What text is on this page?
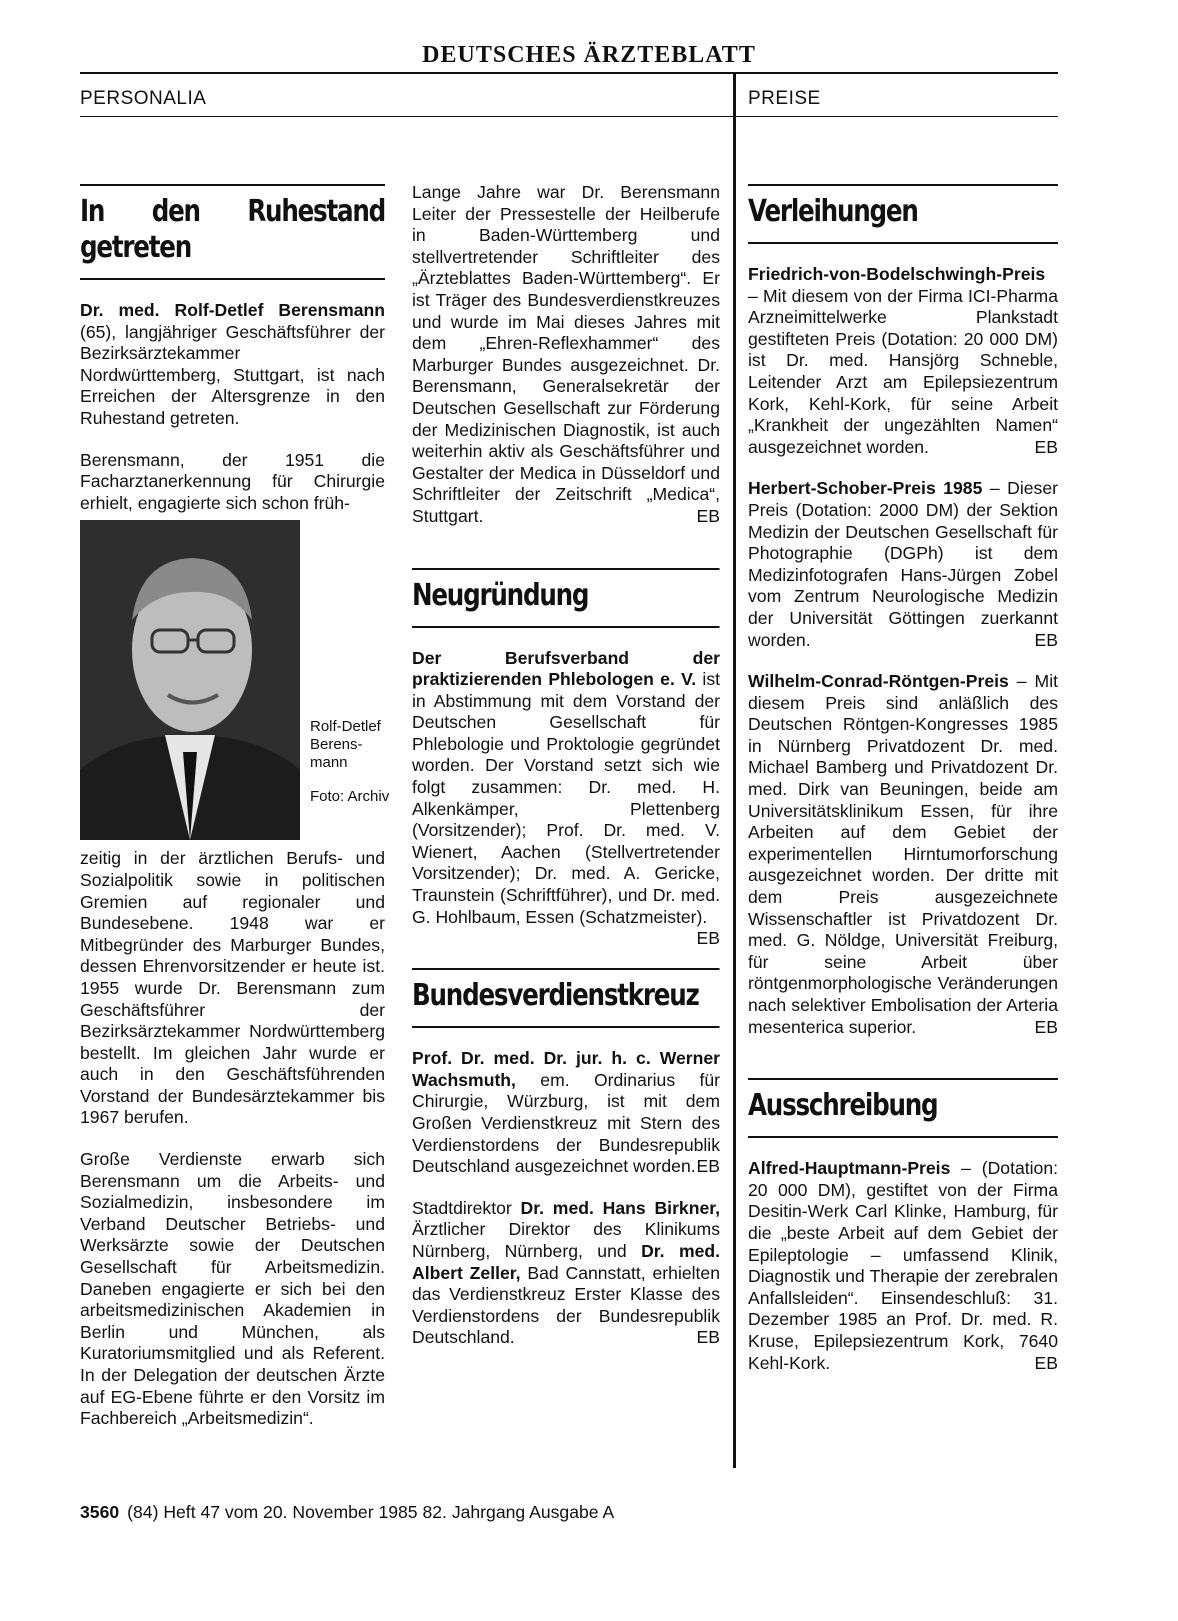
DEUTSCHES ÄRZTEBLATT
PERSONALIA	PREISE
In den Ruhestand getreten

Dr. med. Rolf-Detlef Berensmann (65), langjähriger Geschäftsführer der Bezirksärztekammer Nordwürttemberg, Stuttgart, ist nach Erreichen der Altersgrenze in den Ruhestand getreten.

Berensmann, der 1951 die Facharztanerkennung für Chirurgie erhielt, engagierte sich schon früh-

Rolf-Detlef Berens-mann
Foto: Archiv

zeitig in der ärztlichen Berufs- und Sozialpolitik sowie in politischen Gremien auf regionaler und Bundesebene. 1948 war er Mitbegründer des Marburger Bundes, dessen Ehrenvorsitzender er heute ist. 1955 wurde Dr. Berensmann zum Geschäftsführer der Bezirksärztekammer Nordwürttemberg bestellt. Im gleichen Jahr wurde er auch in den Geschäftsführenden Vorstand der Bundesärztekammer bis 1967 berufen.

Große Verdienste erwarb sich Berensmann um die Arbeits- und Sozialmedizin, insbesondere im Verband Deutscher Betriebs- und Werksärzte sowie der Deutschen Gesellschaft für Arbeitsmedizin. Daneben engagierte er sich bei den arbeitsmedizinischen Akademien in Berlin und München, als Kuratoriumsmitglied und als Referent. In der Delegation der deutschen Ärzte auf EG-Ebene führte er den Vorsitz im Fachbereich „Arbeitsmedizin“.

Lange Jahre war Dr. Berensmann Leiter der Pressestelle der Heilberufe in Baden-Württemberg und stellvertretender Schriftleiter des „Ärzteblattes Baden-Württemberg“. Er ist Träger des Bundesverdienstkreuzes und wurde im Mai dieses Jahres mit dem „Ehren-Reflexhammer“ des Marburger Bundes ausgezeichnet. Dr. Berensmann, Generalsekretär der Deutschen Gesellschaft zur Förderung der Medizinischen Diagnostik, ist auch weiterhin aktiv als Geschäftsführer und Gestalter der Medica in Düsseldorf und Schriftleiter der Zeitschrift „Medica“, Stuttgart.	EB

Neugründung

Der Berufsverband der praktizierenden Phlebologen e. V. ist in Abstimmung mit dem Vorstand der Deutschen Gesellschaft für Phlebologie und Proktologie gegründet worden. Der Vorstand setzt sich wie folgt zusammen: Dr. med. H. Alkenkämper, Plettenberg (Vorsitzender); Prof. Dr. med. V. Wienert, Aachen (Stellvertretender Vorsitzender); Dr. med. A. Gericke, Traunstein (Schriftführer), und Dr. med. G. Hohlbaum, Essen (Schatzmeister).
EB

Bundesverdienstkreuz

Prof. Dr. med. Dr. jur. h. c. Werner Wachsmuth, em. Ordinarius für Chirurgie, Würzburg, ist mit dem Großen Verdienstkreuz mit Stern des Verdienstordens der Bundesrepublik Deutschland ausgezeichnet worden. EB

Stadtdirektor Dr. med. Hans Birkner, Ärztlicher Direktor des Klinikums Nürnberg, Nürnberg, und Dr. med. Albert Zeller, Bad Cannstatt, erhielten das Verdienstkreuz Erster Klasse des Verdienstordens der Bundesrepublik Deutschland.	EB

Verleihungen

Friedrich-von-Bodelschwingh-Preis – Mit diesem von der Firma ICI-Pharma Arzneimittelwerke Plankstadt gestifteten Preis (Dotation: 20 000 DM) ist Dr. med. Hansjörg Schneble, Leitender Arzt am Epilepsiezentrum Kork, Kehl-Kork, für seine Arbeit „Krankheit der ungezählten Namen“ ausgezeichnet worden.	EB

Herbert-Schober-Preis 1985 – Dieser Preis (Dotation: 2000 DM) der Sektion Medizin der Deutschen Gesellschaft für Photographie (DGPh) ist dem Medizinfotografen Hans-Jürgen Zobel vom Zentrum Neurologische Medizin der Universität Göttingen zuerkannt worden.	EB

Wilhelm-Conrad-Röntgen-Preis – Mit diesem Preis sind anläßlich des Deutschen Röntgen-Kongresses 1985 in Nürnberg Privatdozent Dr. med. Michael Bamberg und Privatdozent Dr. med. Dirk van Beuningen, beide am Universitätsklinikum Essen, für ihre Arbeiten auf dem Gebiet der experimentellen Hirntumorforschung ausgezeichnet worden. Der dritte mit dem Preis ausgezeichnete Wissenschaftler ist Privatdozent Dr. med. G. Nöldge, Universität Freiburg, für seine Arbeit über röntgenmorphologische Veränderungen nach selektiver Embolisation der Arteria mesenterica superior.	EB

Ausschreibung

Alfred-Hauptmann-Preis – (Dotation: 20 000 DM), gestiftet von der Firma Desitin-Werk Carl Klinke, Hamburg, für die „beste Arbeit auf dem Gebiet der Epileptologie – umfassend Klinik, Diagnostik und Therapie der zerebralen Anfallsleiden“. Einsendeschluß: 31. Dezember 1985 an Prof. Dr. med. R. Kruse, Epilepsiezentrum Kork, 7640 Kehl-Kork.	EB

3560 (84) Heft 47 vom 20. November 1985 82. Jahrgang Ausgabe A
